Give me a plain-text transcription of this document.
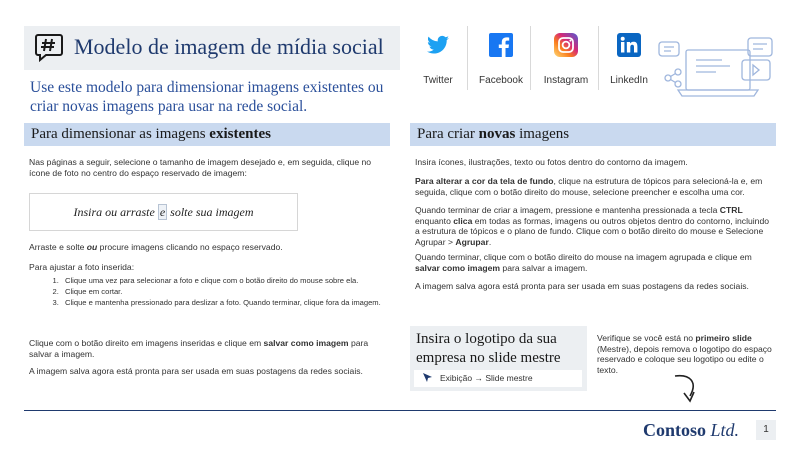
Modelo de imagem de mídia social
Use este modelo para dimensionar imagens existentes ou criar novas imagens para usar na rede social.
Twitter	Facebook	Instagram	LinkedIn
Para dimensionar as imagens existentes
Nas páginas a seguir, selecione o tamanho de imagem desejado e, em seguida, clique no ícone de foto no centro do espaço reservado de imagem:
Insira ou arraste e solte sua imagem
Arraste e solte ou procure imagens clicando no espaço reservado.
Para ajustar a foto inserida:
1. Clique uma vez para selecionar a foto e clique com o botão direito do mouse sobre ela.
2. Clique em cortar.
3. Clique e mantenha pressionado para deslizar a foto. Quando terminar, clique fora da imagem.
Clique com o botão direito em imagens inseridas e clique em salvar como imagem para salvar a imagem.
A imagem salva agora está pronta para ser usada em suas postagens da redes sociais.
Para criar novas imagens
Insira ícones, ilustrações, texto ou fotos dentro do contorno da imagem.
Para alterar a cor da tela de fundo, clique na estrutura de tópicos para selecioná-la e, em seguida, clique com o botão direito do mouse, selecione preencher e escolha uma cor.
Quando terminar de criar a imagem, pressione e mantenha pressionada a tecla CTRL enquanto clica em todas as formas, imagens ou outros objetos dentro do contorno, incluindo a estrutura de tópicos e o plano de fundo. Clique com o botão direito do mouse e Selecione Agrupar > Agrupar.
Quando terminar, clique com o botão direito do mouse na imagem agrupada e clique em salvar como imagem para salvar a imagem.
A imagem salva agora está pronta para ser usada em suas postagens da redes sociais.
Insira o logotipo da sua empresa no slide mestre
Exibição → Slide mestre
Verifique se você está no primeiro slide (Mestre), depois remova o logotipo do espaço reservado e coloque seu logotipo ou edite o texto.
Contoso Ltd.	1
